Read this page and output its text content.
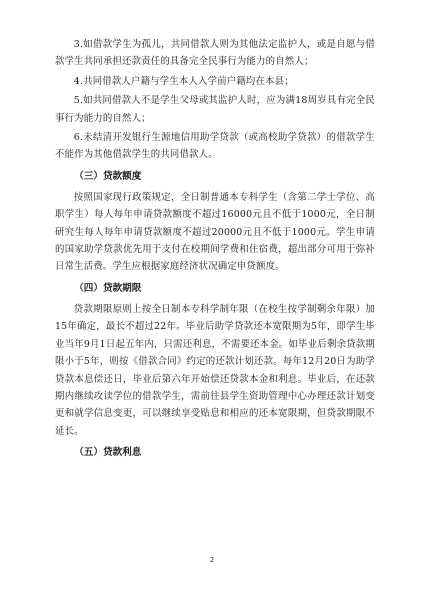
3.如借款学生为孤儿，共同借款人则为其他法定监护人，或是自愿与借款学生共同承担还款责任的具备完全民事行为能力的自然人；

4.共同借款人户籍与学生本人入学前户籍均在本县；

5.如共同借款人不是学生父母或其监护人时，应为满18周岁具有完全民事行为能力的自然人；

6.未结清开发银行生源地信用助学贷款（或高校助学贷款）的借款学生不能作为其他借款学生的共同借款人。

（三）贷款额度

按照国家现行政策规定，全日制普通本专科学生（含第二学士学位、高职学生）每人每年申请贷款额度不超过16000元且不低于1000元，全日制研究生每人每年申请贷款额度不超过20000元且不低于1000元。学生申请的国家助学贷款优先用于支付在校期间学费和住宿费，超出部分可用于弥补日常生活费。学生应根据家庭经济状况确定申贷额度。

（四）贷款期限

贷款期限原则上按全日制本专科学制年限（在校生按学制剩余年限）加15年确定，最长不超过22年。毕业后助学贷款还本宽限期为5年，即学生毕业当年9月1日起五年内，只需还利息，不需要还本金。如毕业后剩余贷款期限小于5年，则按《借款合同》约定的还款计划还款。每年12月20日为助学贷款本息偿还日，毕业后第六年开始偿还贷款本金和利息。毕业后，在还款期内继续攻读学位的借款学生，需前往县学生资助管理中心办理还款计划变更和就学信息变更，可以继续享受贴息和相应的还本宽限期，但贷款期限不延长。

（五）贷款利息
2
